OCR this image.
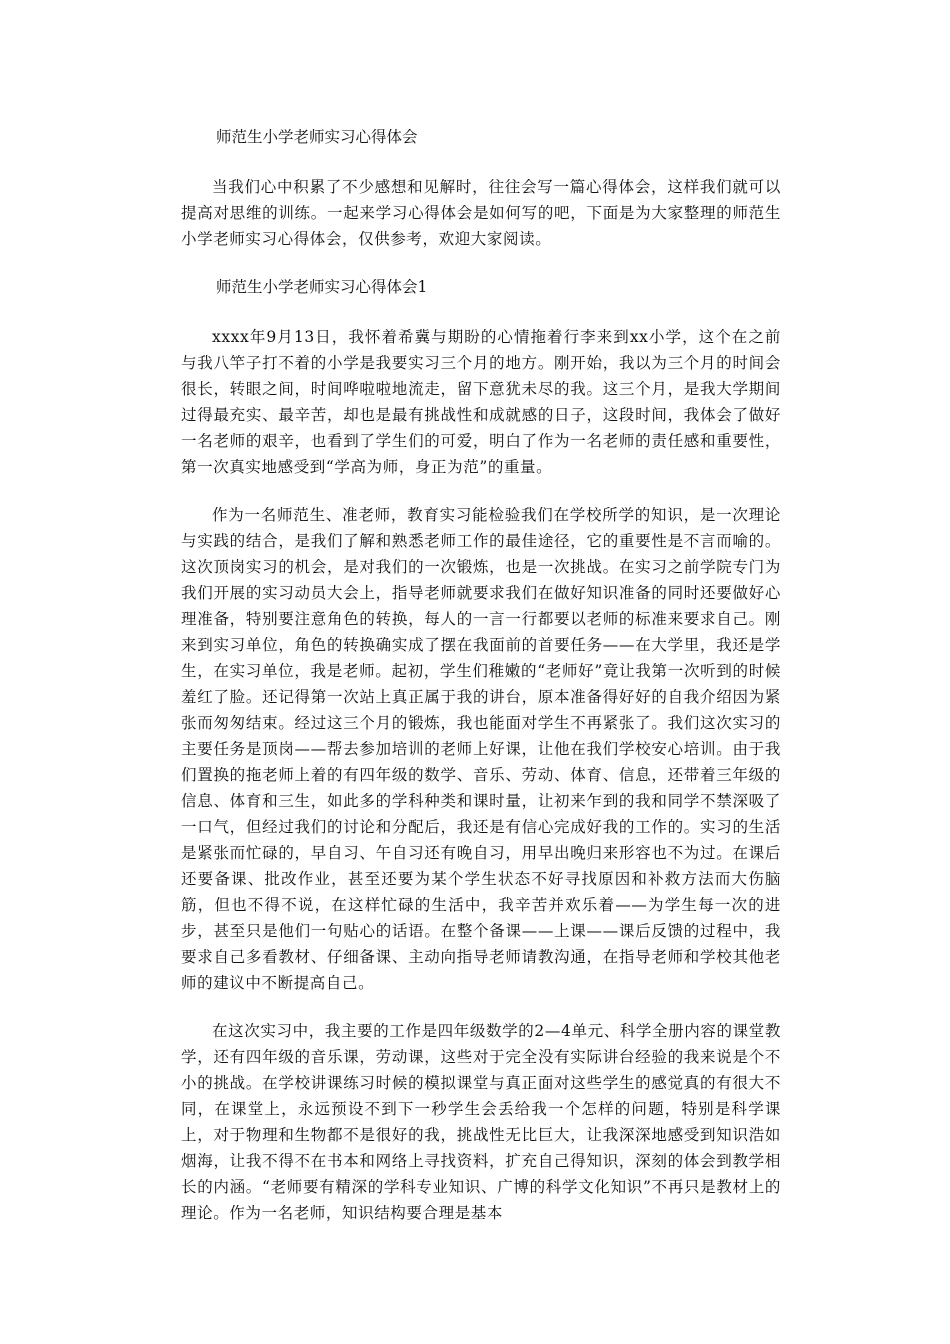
师范生小学老师实习心得体会

当我们心中积累了不少感想和见解时，往往会写一篇心得体会，这样我们就可以提高对思维的训练。一起来学习心得体会是如何写的吧，下面是为大家整理的师范生小学老师实习心得体会，仅供参考，欢迎大家阅读。

师范生小学老师实习心得体会1

xxxx年9月13日，我怀着希冀与期盼的心情拖着行李来到xx小学，这个在之前与我八竿子打不着的小学是我要实习三个月的地方。刚开始，我以为三个月的时间会很长，转眼之间，时间哗啦啦地流走，留下意犹未尽的我。这三个月，是我大学期间过得最充实、最辛苦，却也是最有挑战性和成就感的日子，这段时间，我体会了做好一名老师的艰辛，也看到了学生们的可爱，明白了作为一名老师的责任感和重要性，第一次真实地感受到“学高为师，身正为范”的重量。

作为一名师范生、准老师，教育实习能检验我们在学校所学的知识，是一次理论与实践的结合，是我们了解和熟悉老师工作的最佳途径，它的重要性是不言而喻的。这次顶岗实习的机会，是对我们的一次锻炼，也是一次挑战。在实习之前学院专门为我们开展的实习动员大会上，指导老师就要求我们在做好知识准备的同时还要做好心理准备，特别要注意角色的转换，每人的一言一行都要以老师的标准来要求自己。刚来到实习单位，角色的转换确实成了摆在我面前的首要任务——在大学里，我还是学生，在实习单位，我是老师。起初，学生们稚嫩的“老师好”竟让我第一次听到的时候羞红了脸。还记得第一次站上真正属于我的讲台，原本准备得好好的自我介绍因为紧张而匆匆结束。经过这三个月的锻炼，我也能面对学生不再紧张了。我们这次实习的主要任务是顶岗——帮去参加培训的老师上好课，让他在我们学校安心培训。由于我们置换的拖老师上着的有四年级的数学、音乐、劳动、体育、信息，还带着三年级的信息、体育和三生，如此多的学科种类和课时量，让初来乍到的我和同学不禁深吸了一口气，但经过我们的讨论和分配后，我还是有信心完成好我的工作的。实习的生活是紧张而忙碌的，早自习、午自习还有晚自习，用早出晚归来形容也不为过。在课后还要备课、批改作业，甚至还要为某个学生状态不好寻找原因和补救方法而大伤脑筋，但也不得不说，在这样忙碌的生活中，我辛苦并欢乐着——为学生每一次的进步，甚至只是他们一句贴心的话语。在整个备课——上课——课后反馈的过程中，我要求自己多看教材、仔细备课、主动向指导老师请教沟通，在指导老师和学校其他老师的建议中不断提高自己。

在这次实习中，我主要的工作是四年级数学的2—4单元、科学全册内容的课堂教学，还有四年级的音乐课，劳动课，这些对于完全没有实际讲台经验的我来说是个不小的挑战。在学校讲课练习时候的模拟课堂与真正面对这些学生的感觉真的有很大不同，在课堂上，永远预设不到下一秒学生会丢给我一个怎样的问题，特别是科学课上，对于物理和生物都不是很好的我，挑战性无比巨大，让我深深地感受到知识浩如烟海，让我不得不在书本和网络上寻找资料，扩充自己得知识，深刻的体会到教学相长的内涵。“老师要有精深的学科专业知识、广博的科学文化知识”不再只是教材上的理论。作为一名老师，知识结构要合理是基本
